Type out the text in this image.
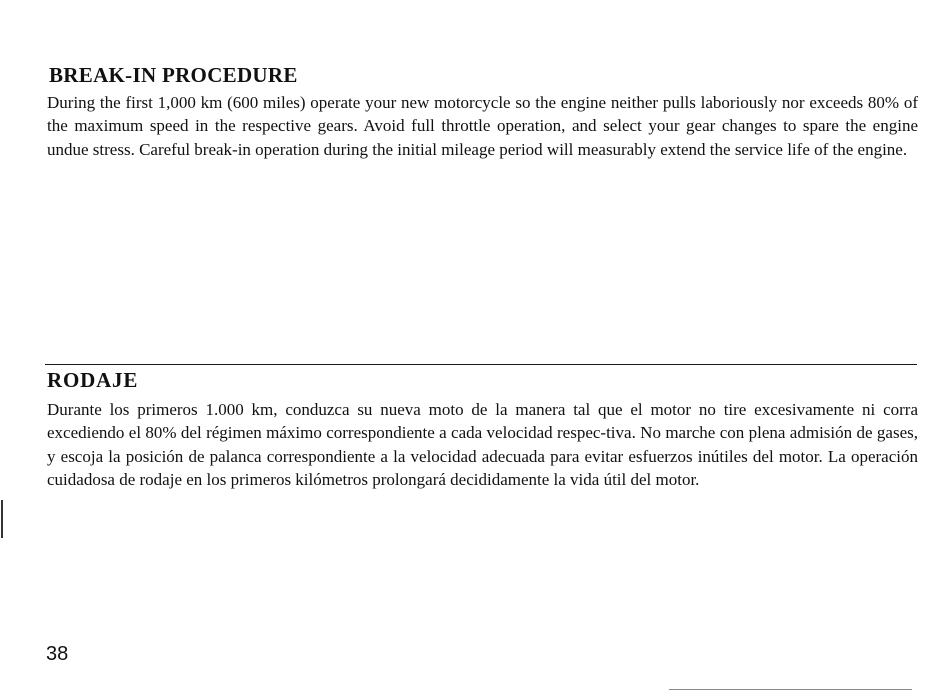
BREAK-IN PROCEDURE

During the first 1,000 km (600 miles) operate your new motorcycle so the engine neither pulls laboriously nor exceeds 80% of the maximum speed in the respective gears. Avoid full throttle operation, and select your gear changes to spare the engine undue stress. Careful break-in operation during the initial mileage period will measurably extend the service life of the engine.

RODAJE

Durante los primeros 1.000 km, conduzca su nueva moto de la manera tal que el motor no tire excesivamente ni corra excediendo el 80% del régimen máximo correspondiente a cada velocidad respec-tiva. No marche con plena admisión de gases, y escoja la posición de palanca correspondiente a la velocidad adecuada para evitar esfuerzos inútiles del motor. La operación cuidadosa de rodaje en los primeros kilómetros prolongará decididamente la vida útil del motor.

38
